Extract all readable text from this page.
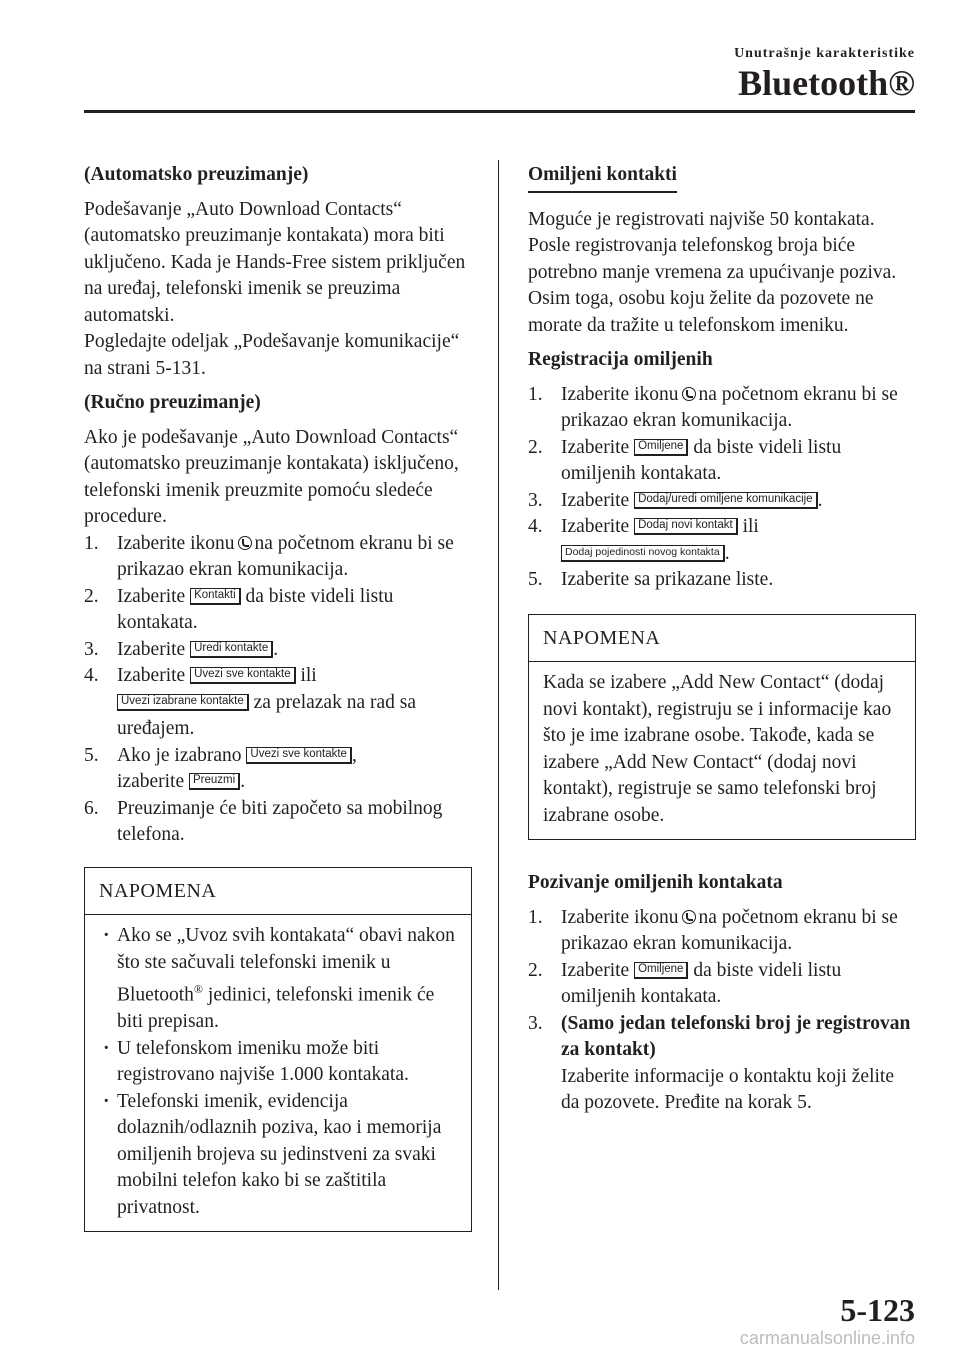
Unutrašnje karakteristike
Bluetooth®
(Automatsko preuzimanje)

Podešavanje „Auto Download Contacts“ (automatsko preuzimanje kontakata) mora biti uključeno. Kada je Hands-Free sistem priključen na uređaj, telefonski imenik se preuzima automatski.

Pogledajte odeljak „Podešavanje komunikacije“ na strani 5-131.

(Ručno preuzimanje)

Ako je podešavanje „Auto Download Contacts“ (automatsko preuzimanje kontakata) isključeno, telefonski imenik preuzmite pomoću sledeće procedure.

1. Izaberite ikonu na početnom ekranu bi se prikazao ekran komunikacija.
2. Izaberite Kontakti da biste videli listu kontakata.
3. Izaberite Uredi kontakte .
4. Izaberite Uvezi sve kontakte ili
Uvezi izabrane kontakte za prelazak na rad sa uređajem.
5. Ako je izabrano Uvezi sve kontakte ,
izaberite Preuzmi .
6. Preuzimanje će biti započeto sa mobilnog telefona.
NAPOMENA
· Ako se „Uvoz svih kontakata“ obavi nakon što ste sačuvali telefonski imenik u Bluetooth® jedinici, telefonski imenik će biti prepisan.
· U telefonskom imeniku može biti registrovano najviše 1.000 kontakata.
· Telefonski imenik, evidencija dolaznih/odlaznih poziva, kao i memorija omiljenih brojeva su jedinstveni za svaki mobilni telefon kako bi se zaštitila privatnost.
Omiljeni kontakti

Moguće je registrovati najviše 50 kontakata. Posle registrovanja telefonskog broja biće potrebno manje vremena za upućivanje poziva. Osim toga, osobu koju želite da pozovete ne morate da tražite u telefonskom imeniku.

Registracija omiljenih
1. Izaberite ikonu na početnom ekranu bi se prikazao ekran komunikacija.
2. Izaberite Omiljene da biste videli listu omiljenih kontakata.
3. Izaberite Dodaj/uredi omiljene komunikacije .
4. Izaberite Dodaj novi kontakt ili
Dodaj pojedinosti novog kontakta .
5. Izaberite sa prikazane liste.
NAPOMENA
Kada se izabere „Add New Contact“ (dodaj novi kontakt), registruju se i informacije kao što je ime izabrane osobe. Takođe, kada se izabere „Add New Contact“ (dodaj novi kontakt), registruje se samo telefonski broj izabrane osobe.
Pozivanje omiljenih kontakata
1. Izaberite ikonu na početnom ekranu bi se prikazao ekran komunikacija.
2. Izaberite Omiljene da biste videli listu omiljenih kontakata.
3. (Samo jedan telefonski broj je registrovan za kontakt)
Izaberite informacije o kontaktu koji želite da pozovete. Pređite na korak 5.
5-123
carmanualsonline.info
